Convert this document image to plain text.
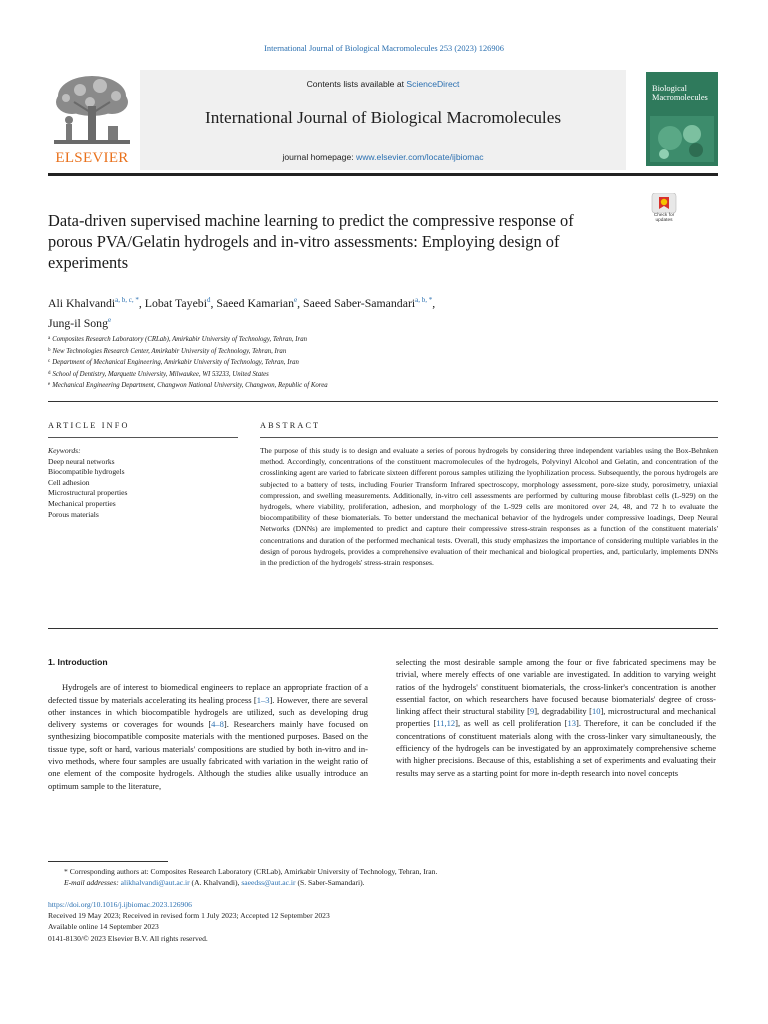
International Journal of Biological Macromolecules 253 (2023) 126906
ELSEVIER
Contents lists available at ScienceDirect
International Journal of Biological Macromolecules
journal homepage: www.elsevier.com/locate/ijbiomac
Biological
Macromolecules
Data-driven supervised machine learning to predict the compressive response of porous PVA/Gelatin hydrogels and in-vitro assessments: Employing design of experiments
Check for
updates
Ali Khalvandi$^{a, b, c, *}$, Lobat Tayebi$^d$, Saeed Kamarian$^e$, Saeed Saber-Samandari$^{a, b, *}$,
Jung-il Song$^e$
$^a$ Composites Research Laboratory (CRLab), Amirkabir University of Technology, Tehran, Iran
$^b$ New Technologies Research Center, Amirkabir University of Technology, Tehran, Iran
$^c$ Department of Mechanical Engineering, Amirkabir University of Technology, Tehran, Iran
$^d$ School of Dentistry, Marquette University, Milwaukee, WI 53233, United States
$^e$ Mechanical Engineering Department, Changwon National University, Changwon, Republic of Korea
ARTICLE INFO	ABSTRACT
Keywords:
Deep neural networks
Biocompatible hydrogels
Cell adhesion
Microstructural properties
Mechanical properties
Porous materials
The purpose of this study is to design and evaluate a series of porous hydrogels by considering three independent variables using the Box-Behnken method. Accordingly, concentrations of the constituent macromolecules of the hydrogels, Polyvinyl Alcohol and Gelatin, and concentration of the crosslinking agent are varied to fabricate sixteen different porous samples utilizing the lyophilization process. Subsequently, the porous hydrogels are subjected to a battery of tests, including Fourier Transform Infrared spectroscopy, morphology assessment, pore-size study, porosimetry, uniaxial compression, and swelling measurements. Additionally, in-vitro cell assessments are performed by culturing mouse fibroblast cells (L-929) on the hydrogels, where viability, proliferation, adhesion, and morphology of the L-929 cells are monitored over 24, 48, and 72 h to evaluate the biocompatibility of these biomaterials. To better understand the mechanical behavior of the hydrogels under compressive loadings, Deep Neural Networks (DNNs) are implemented to predict and capture their compressive stress-strain responses as a function of the constituent materials' concentrations and duration of the performed mechanical tests. Overall, this study emphasizes the importance of considering multiple variables in the design of porous hydrogels, provides a comprehensive evaluation of their mechanical and biological properties, and, particularly, implements DNNs in the prediction of the hydrogels' stress-strain responses.
1. Introduction

Hydrogels are of interest to biomedical engineers to replace an appropriate fraction of a defected tissue by materials accelerating its healing process [1–3]. However, there are several other instances in which biocompatible hydrogels are utilized, such as developing drug delivery systems or coverages for wounds [4–8]. Researchers mainly have focused on synthesizing biocompatible composite materials with the mentioned purposes. Based on the tissue type, soft or hard, various materials' compositions are studied by both in-vitro and in-vivo methods, where four samples are usually fabricated with variation in the weight ratio of one element of the composite hydrogels. Although the studies alike usually introduce an optimum sample to the literature,

selecting the most desirable sample among the four or five fabricated specimens may be trivial, where merely effects of one variable are investigated. In addition to varying weight ratios of the hydrogels' constituent biomaterials, the cross-linker's concentration is another essential factor, on which researchers have focused because biomaterials' degree of cross-linking affect their structural stability [9], degradability [10], microstructural and mechanical properties [11,12], as well as cell proliferation [13]. Therefore, it can be concluded if the concentrations of constituent materials along with the cross-linker vary simultaneously, the efficiency of the hydrogels can be investigated by an approximately comprehensive scheme with higher precisions. Because of this, establishing a set of experiments and evaluating their results may serve as a starting point for more in-depth research into novel concepts
* Corresponding authors at: Composites Research Laboratory (CRLab), Amirkabir University of Technology, Tehran, Iran.
E-mail addresses: alikhalvandi@aut.ac.ir (A. Khalvandi), saeedss@aut.ac.ir (S. Saber-Samandari).
https://doi.org/10.1016/j.ijbiomac.2023.126906
Received 19 May 2023; Received in revised form 1 July 2023; Accepted 12 September 2023
Available online 14 September 2023
0141-8130/© 2023 Elsevier B.V. All rights reserved.
